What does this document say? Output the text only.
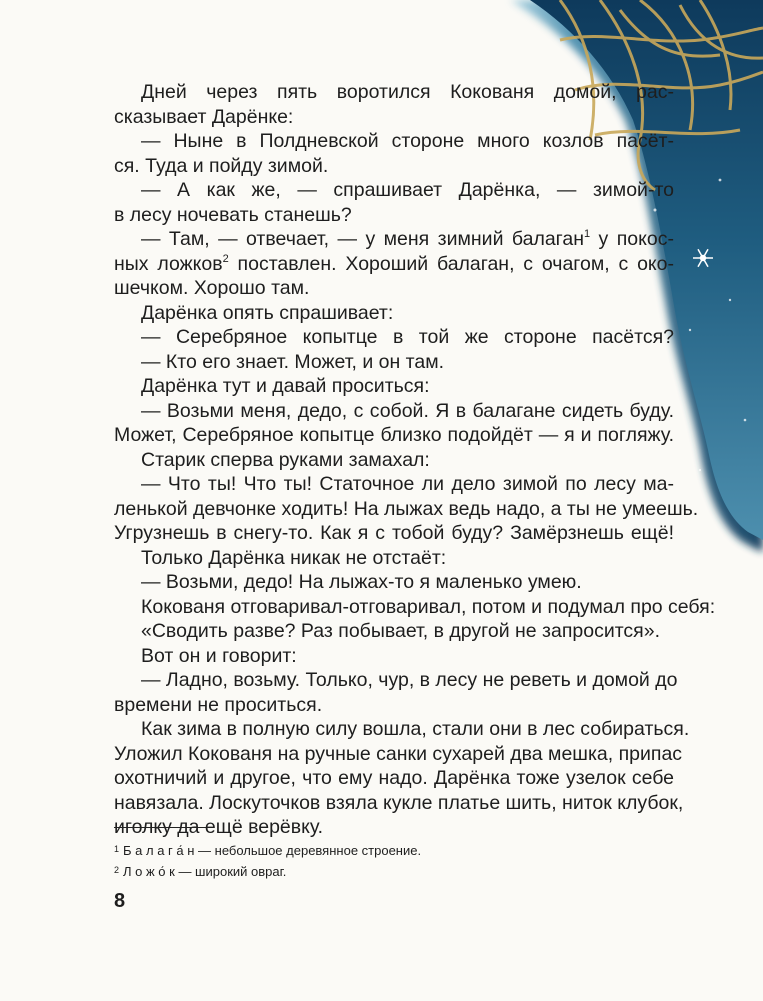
Дней через пять воротился Кокованя домой, рас-
сказывает Дарёнке:
— Ныне в Полдневской стороне много козлов пасёт-
ся. Туда и пойду зимой.
— А как же, — спрашивает Дарёнка, — зимой-то
в лесу ночевать станешь?
— Там, — отвечает, — у меня зимний балаган$^1$ у покос-
ных ложков$^2$ поставлен. Хороший балаган, с очагом, с око-
шечком. Хорошо там.
Дарёнка опять спрашивает:
— Серебряное копытце в той же стороне пасётся?
— Кто его знает. Может, и он там.
Дарёнка тут и давай проситься:
— Возьми меня, дедо, с собой. Я в балагане сидеть буду.
Может, Серебряное копытце близко подойдёт — я и погляжу.
Старик сперва руками замахал:
— Что ты! Что ты! Статочное ли дело зимой по лесу ма-
ленькой девчонке ходить! На лыжах ведь надо, а ты не умеешь.
Угрузнешь в снегу-то. Как я с тобой буду? Замёрзнешь ещё!
Только Дарёнка никак не отстаёт:
— Возьми, дедо! На лыжах-то я маленько умею.
Кокованя отговаривал-отговаривал, потом и подумал про себя:
«Сводить разве? Раз побывает, в другой не запросится».
Вот он и говорит:
— Ладно, возьму. Только, чур, в лесу не реветь и домой до
времени не проситься.
Как зима в полную силу вошла, стали они в лес собираться.
Уложил Кокованя на ручные санки сухарей два мешка, припас
охотничий и другое, что ему надо. Дарёнка тоже узелок себе
навязала. Лоскуточков взяла кукле платье шить, ниток клубок,
иголку да ещё верёвку.
$^1$ Б а л а г а́ н — небольшое деревянное строение.
$^2$ Л о ж о́ к — широкий овраг.
8
